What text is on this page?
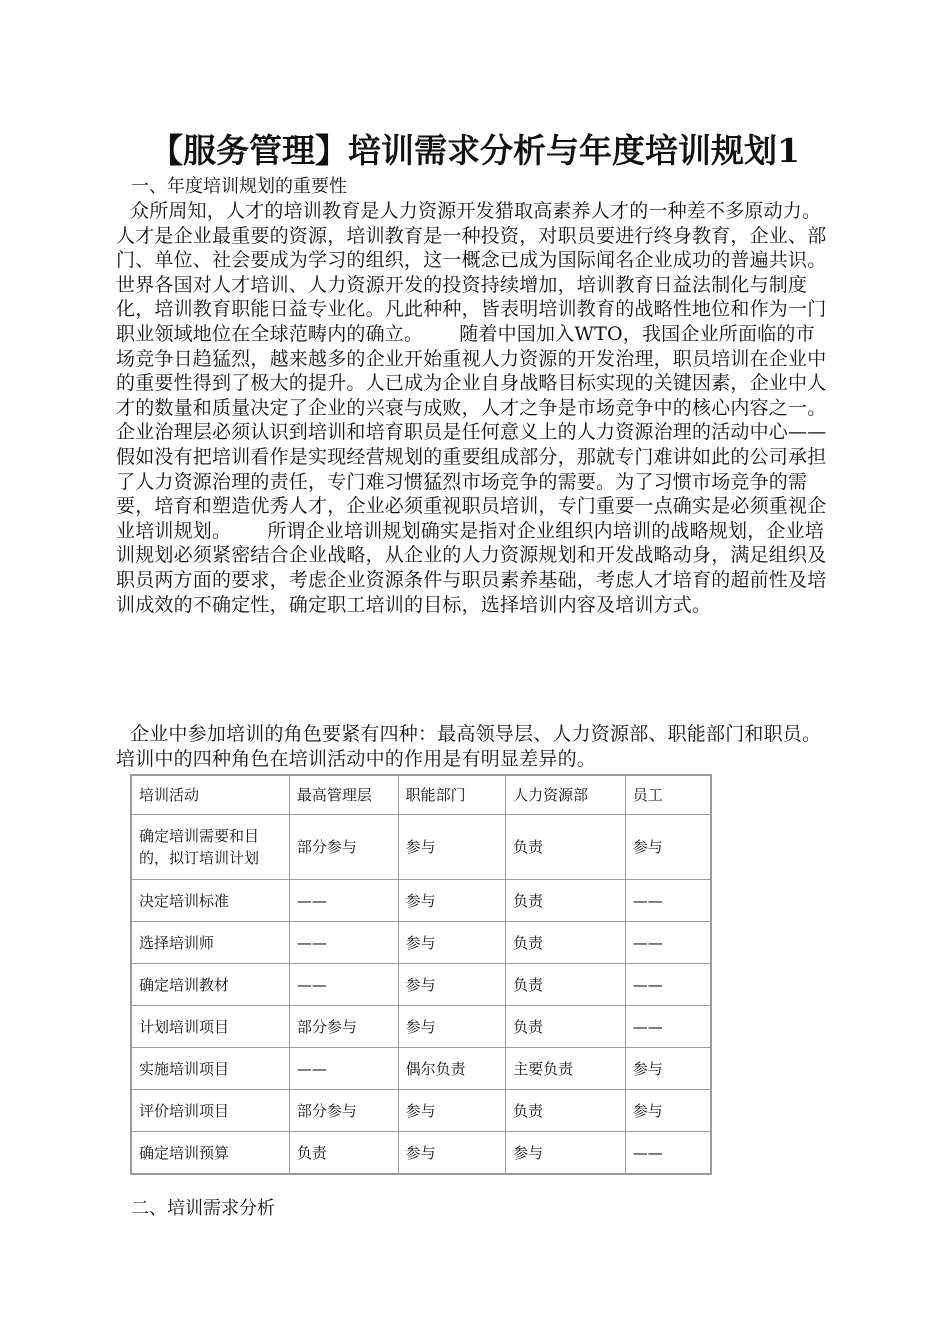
【服务管理】培训需求分析与年度培训规划1

一、年度培训规划的重要性

众所周知，人才的培训教育是人力资源开发猎取高素养人才的一种差不多原动力。人才是企业最重要的资源，培训教育是一种投资，对职员要进行终身教育，企业、部门、单位、社会要成为学习的组织，这一概念已成为国际闻名企业成功的普遍共识。世界各国对人才培训、人力资源开发的投资持续增加，培训教育日益法制化与制度化，培训教育职能日益专业化。凡此种种，皆表明培训教育的战略性地位和作为一门职业领域地位在全球范畴内的确立。 随着中国加入WTO，我国企业所面临的市场竞争日趋猛烈，越来越多的企业开始重视人力资源的开发治理，职员培训在企业中的重要性得到了极大的提升。人已成为企业自身战略目标实现的关键因素，企业中人才的数量和质量决定了企业的兴衰与成败，人才之争是市场竞争中的核心内容之一。企业治理层必须认识到培训和培育职员是任何意义上的人力资源治理的活动中心——假如没有把培训看作是实现经营规划的重要组成部分，那就专门难讲如此的公司承担了人力资源治理的责任，专门难习惯猛烈市场竞争的需要。为了习惯市场竞争的需要，培育和塑造优秀人才，企业必须重视职员培训，专门重要一点确实是必须重视企业培训规划。 所谓企业培训规划确实是指对企业组织内培训的战略规划，企业培训规划必须紧密结合企业战略，从企业的人力资源规划和开发战略动身，满足组织及职员两方面的要求，考虑企业资源条件与职员素养基础，考虑人才培育的超前性及培训成效的不确定性，确定职工培训的目标，选择培训内容及培训方式。

企业中参加培训的角色要紧有四种：最高领导层、人力资源部、职能部门和职员。培训中的四种角色在培训活动中的作用是有明显差异的。

培训活动	最高管理层	职能部门	人力资源部	员工
确定培训需要和目的，拟订培训计划	部分参与	参与	负责	参与
决定培训标准	——	参与	负责	——
选择培训师	——	参与	负责	——
确定培训教材	——	参与	负责	——
计划培训项目	部分参与	参与	负责	——
实施培训项目	——	偶尔负责	主要负责	参与
评价培训项目	部分参与	参与	负责	参与
确定培训预算	负责	参与	参与	——

二、培训需求分析
